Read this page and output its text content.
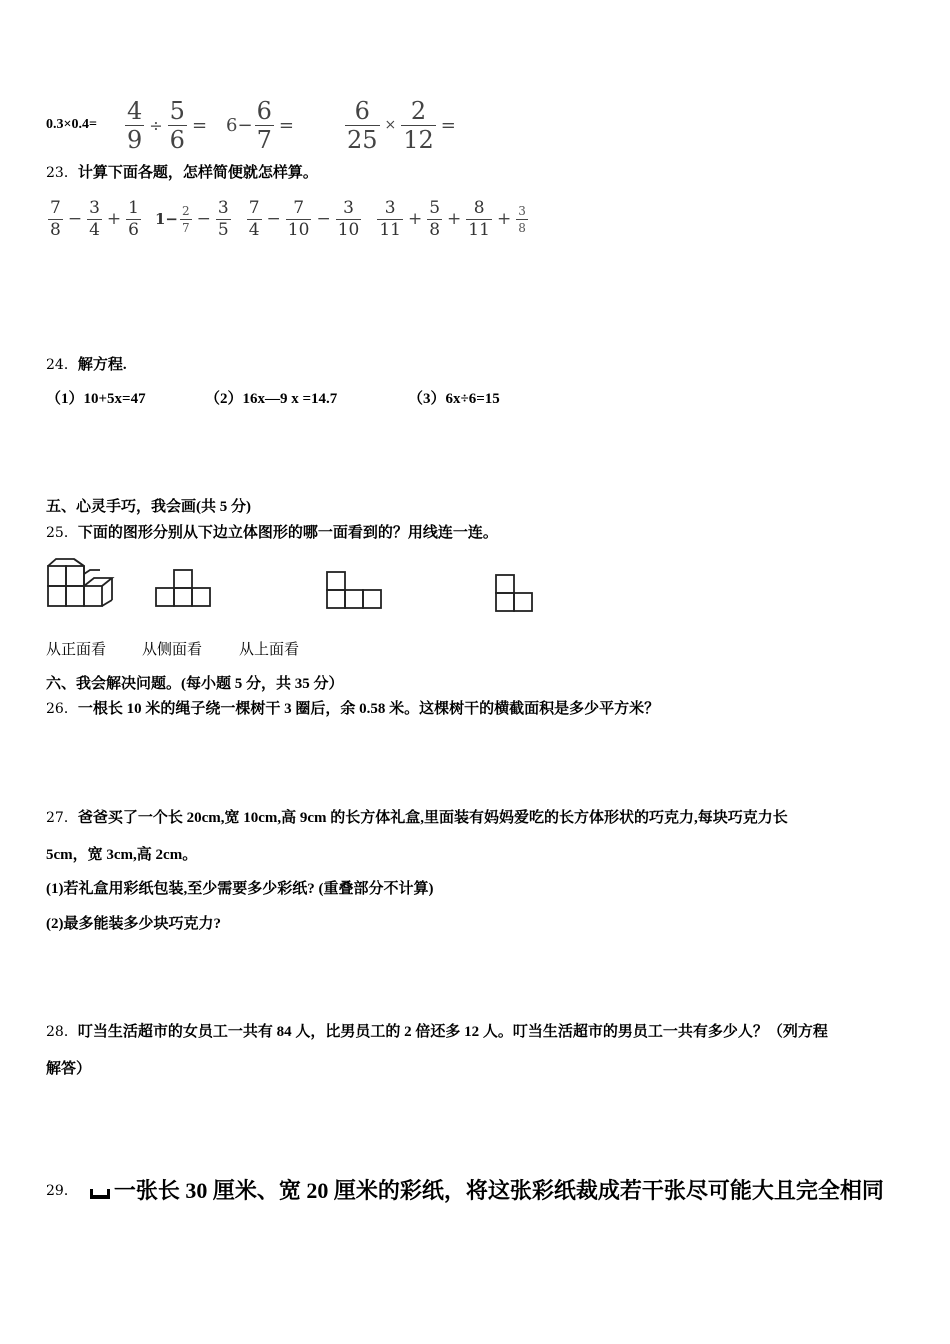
$0.3\times 0.4= \frac{4}{9} \div \frac{5}{6} = 6- \frac{6}{7} = \frac{6}{25} \times \frac{2}{12}$ =
23．计算下面各题，怎样简便就怎样算。
$\frac{7}{8} - \frac{3}{4} + \frac{1}{6} 1- \frac{2}{7} - \frac{3}{5} \frac{7}{4} - \frac{7}{10} - \frac{3}{10} \frac{3}{11} + \frac{5}{8} + \frac{8}{11} + \frac{3}{8}$
24．解方程.
（1）10+5x=47	（2）16x—9 x =14.7	（3）6x÷6=15
五、心灵手巧，我会画(共 5 分)
25．下面的图形分别从下边立体图形的哪一面看到的？用线连一连。
从正面看 从侧面看 从上面看
六、我会解决问题。(每小题 5 分，共 35 分）
26．一根长 10 米的绳子绕一棵树干 3 圈后，余 0.58 米。这棵树干的横截面积是多少平方米？
27．爸爸买了一个长 20cm,宽 10cm,高 9cm 的长方体礼盒,里面装有妈妈爱吃的长方体形状的巧克力,每块巧克力长
5cm，宽 3cm,高 2cm。
(1)若礼盒用彩纸包装,至少需要多少彩纸? (重叠部分不计算)
(2)最多能装多少块巧克力?
28．叮当生活超市的女员工一共有 84 人，比男员工的 2 倍还多 12 人。叮当生活超市的男员工一共有多少人？（列方程
解答）
29． 一张长 30 厘米、宽 20 厘米的彩纸，将这张彩纸裁成若干张尽可能大且完全相同
